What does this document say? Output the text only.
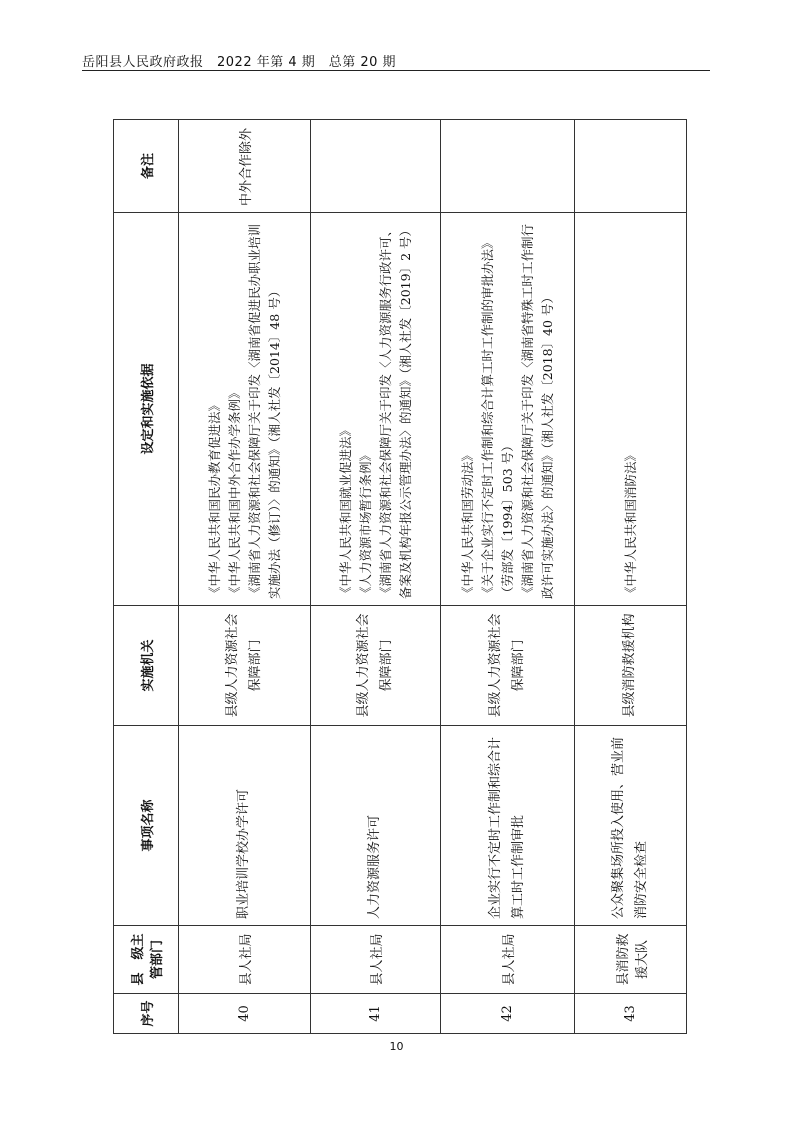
岳阳县人民政府政报　2022 年第 4 期　总第 20 期
序号	县　级主管部门	事项名称	实施机关	设定和实施依据	备注
40	县人社局	职业培训学校办学许可	县级人力资源社会保障部门	《中华人民共和国民办教育促进法》 《中华人民共和国中外合作办学条例》 《湖南省人力资源和社会保障厅关于印发〈湖南省促进民办职业培训实施办法（修订）〉的通知》（湘人社发〔2014〕48 号）	中外合作除外
41	县人社局	人力资源服务许可	县级人力资源社会保障部门	《中华人民共和国就业促进法》 《人力资源市场暂行条例》 《湖南省人力资源和社会保障厅关于印发〈人力资源服务行政许可、备案及机构年报公示管理办法〉的通知》（湘人社发〔2019〕2 号）	

42	县人社局	企业实行不定时工作制和综合计算工时工作制审批	县级人力资源社会保障部门	《中华人民共和国劳动法》 《关于企业实行不定时工作制和综合计算工时工作制的审批办法》（劳部发〔1994〕503 号） 《湖南省人力资源和社会保障厅关于印发〈湖南省特殊工时工作制行政许可实施办法〉的通知》（湘人社发〔2018〕40 号）	

43	县消防救援大队	公众聚集场所投入使用、营业前消防安全检查	县级消防救援机构	《中华人民共和国消防法》	

10
